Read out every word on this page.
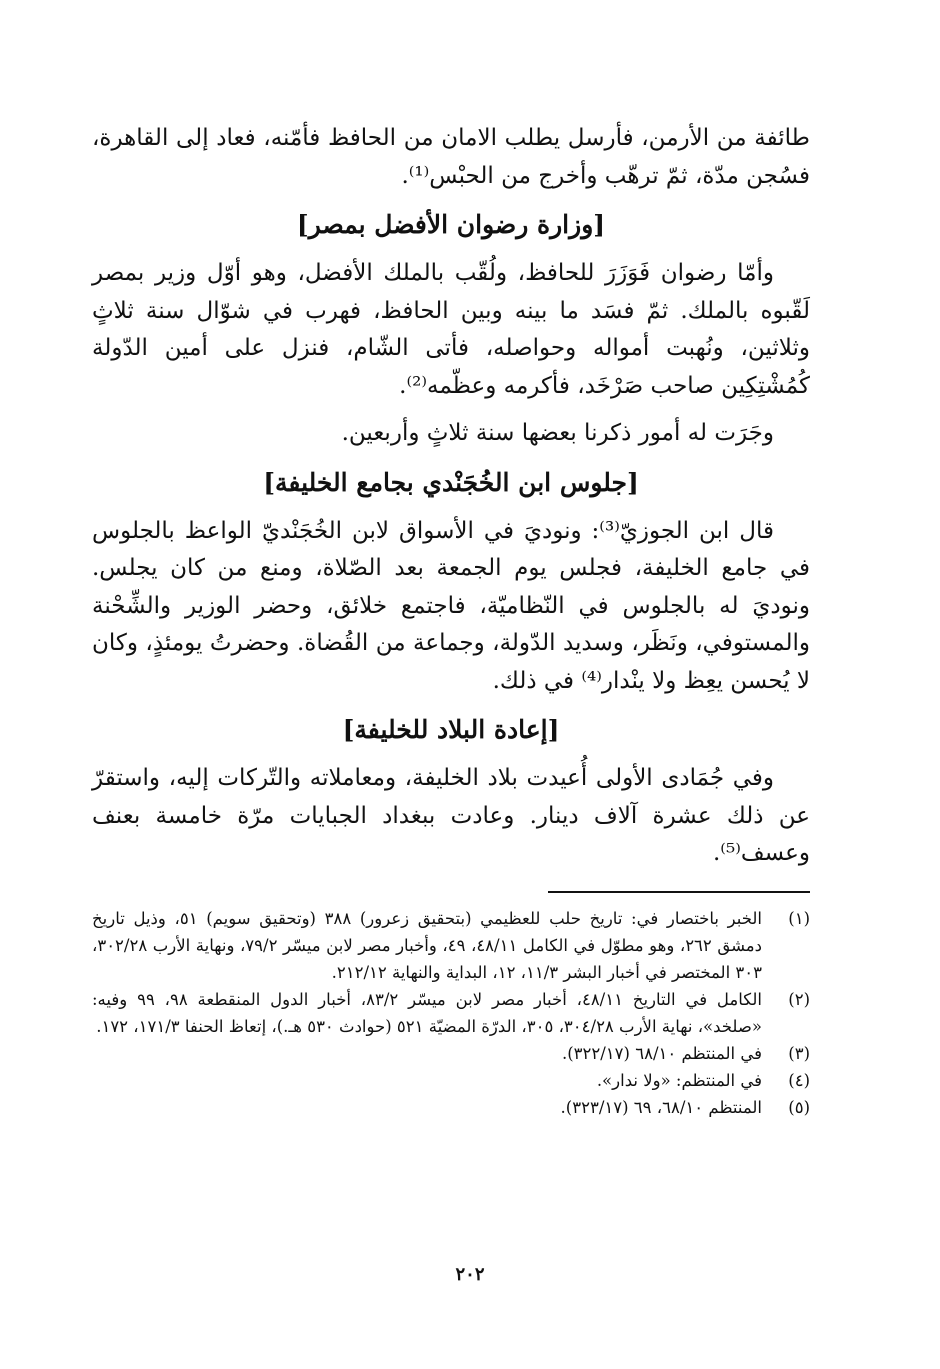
طائفة من الأرمن، فأرسل يطلب الامان من الحافظ فأمّنه، فعاد إلى القاهرة، فسُجن مدّة، ثمّ ترهّب وأخرج من الحبْس⁽¹⁾.

[وزارة رضوان الأفضل بمصر]

وأمّا رضوان فَوَزَرَ للحافظ، ولُقّب بالملك الأفضل، وهو أوّل وزير بمصر لَقّبوه بالملك. ثمّ فسَد ما بينه وبين الحافظ، فهرب في شوّال سنة ثلاثٍ وثلاثين، ونُهبت أمواله وحواصله، فأتى الشّام، فنزل على أمين الدّولة كُمُشْتِكِين صاحب صَرْخَد، فأكرمه وعظّمه⁽²⁾.

وجَرَت له أمور ذكرنا بعضها سنة ثلاثٍ وأربعين.

[جلوس ابن الخُجَنْدي بجامع الخليفة]

قال ابن الجوزيّ⁽³⁾: ونوديَ في الأسواق لابن الخُجَنْديّ الواعظ بالجلوس في جامع الخليفة، فجلس يوم الجمعة بعد الصّلاة، ومنع من كان يجلس. ونوديَ له بالجلوس في النّظاميّة، فاجتمع خلائق، وحضر الوزير والشِّحْنة والمستوفي، ونَظَر، وسديد الدّولة، وجماعة من القُضاة. وحضرتُ يومئذٍ، وكان لا يُحسن يعِظ ولا ينْدار⁽⁴⁾ في ذلك.

[إعادة البلاد للخليفة]

وفي جُمَادى الأولى أُعيدت بلاد الخليفة، ومعاملاته والتّركات إليه، واستقرّ عن ذلك عشرة آلاف دينار. وعادت ببغداد الجبايات مرّة خامسة بعنف وعسف⁽⁵⁾.

(١)
الخبر باختصار في: تاريخ حلب للعظيمي (بتحقيق زعرور) ٣٨٨ (وتحقيق سويم) ٥١، وذيل تاريخ دمشق ٢٦٢، وهو مطوّل في الكامل ٤٨/١١، ٤٩، وأخبار مصر لابن ميسّر ٧٩/٢، ونهاية الأرب ٣٠٢/٢٨، ٣٠٣ المختصر في أخبار البشر ١١/٣، ١٢، البداية والنهاية ٢١٢/١٢.
(٢)
الكامل في التاريخ ٤٨/١١، أخبار مصر لابن ميسّر ٨٣/٢، أخبار الدول المنقطعة ٩٨، ٩٩ وفيه: «صلخد»، نهاية الأرب ٣٠٤/٢٨، ٣٠٥، الدرّة المضيّة ٥٢١ (حوادث ٥٣٠ هـ.)، إتعاظ الحنفا ١٧١/٣، ١٧٢.
(٣)
في المنتظم ٦٨/١٠ (٣٢٢/١٧).
(٤)
في المنتظم: «ولا ندار».
(٥)
المنتظم ٦٨/١٠، ٦٩ (٣٢٣/١٧).
٢٠٢
